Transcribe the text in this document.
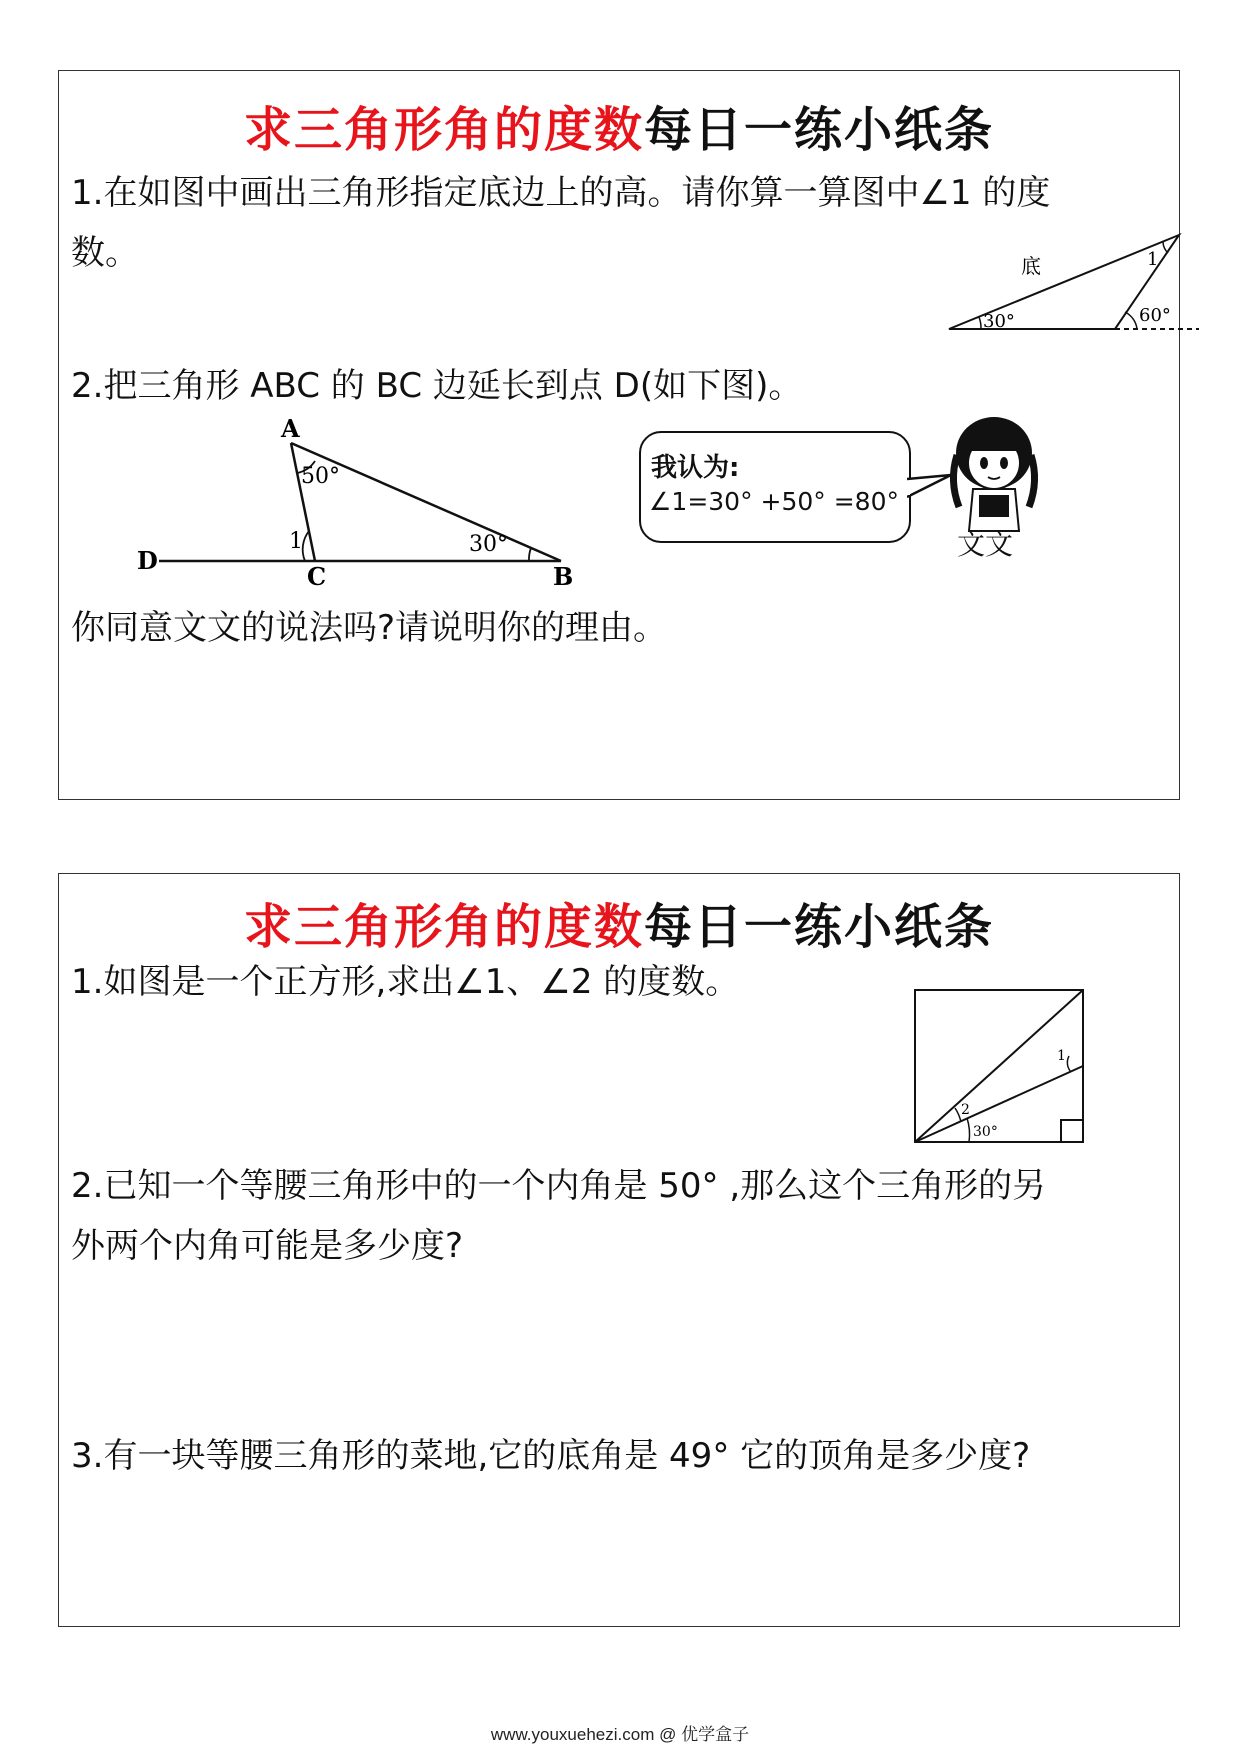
求三角形角的度数每日一练小纸条

1.在如图中画出三角形指定底边上的高。请你算一算图中∠1 的度

数。	底	1
30°	60°

2.把三角形 ABC 的 BC 边延长到点 D(如下图)。

A
B
C
D
50°
30°
1
我认为:
∠1=30° +50° =80°
文文

你同意文文的说法吗?请说明你的理由。

求三角形角的度数每日一练小纸条

1.如图是一个正方形,求出∠1、∠2 的度数。

1
2
30°

2.已知一个等腰三角形中的一个内角是 50° ,那么这个三角形的另

外两个内角可能是多少度?

3.有一块等腰三角形的菜地,它的底角是 49° 它的顶角是多少度?

www.youxuehezi.com @ 优学盒子
